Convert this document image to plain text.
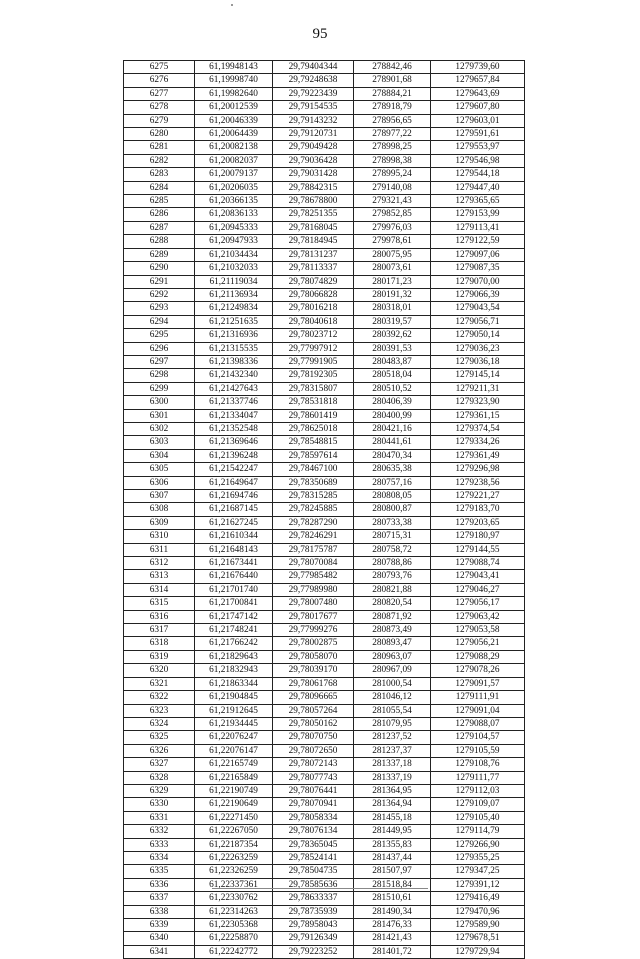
95
6275	61,19948143	29,79404344	278842,46	1279739,60
6276	61,19998740	29,79248638	278901,68	1279657,84
6277	61,19982640	29,79223439	278884,21	1279643,69
6278	61,20012539	29,79154535	278918,79	1279607,80
6279	61,20046339	29,79143232	278956,65	1279603,01
6280	61,20064439	29,79120731	278977,22	1279591,61
6281	61,20082138	29,79049428	278998,25	1279553,97
6282	61,20082037	29,79036428	278998,38	1279546,98
6283	61,20079137	29,79031428	278995,24	1279544,18
6284	61,20206035	29,78842315	279140,08	1279447,40
6285	61,20366135	29,78678800	279321,43	1279365,65
6286	61,20836133	29,78251355	279852,85	1279153,99
6287	61,20945333	29,78168045	279976,03	1279113,41
6288	61,20947933	29,78184945	279978,61	1279122,59
6289	61,21034434	29,78131237	280075,95	1279097,06
6290	61,21032033	29,78113337	280073,61	1279087,35
6291	61,21119034	29,78074829	280171,23	1279070,00
6292	61,21136934	29,78066828	280191,32	1279066,39
6293	61,21249834	29,78016218	280318,01	1279043,54
6294	61,21251635	29,78040618	280319,57	1279056,71
6295	61,21316936	29,78023712	280392,62	1279050,14
6296	61,21315535	29,77997912	280391,53	1279036,23
6297	61,21398336	29,77991905	280483,87	1279036,18
6298	61,21432340	29,78192305	280518,04	1279145,14
6299	61,21427643	29,78315807	280510,52	1279211,31
6300	61,21337746	29,78531818	280406,39	1279323,90
6301	61,21334047	29,78601419	280400,99	1279361,15
6302	61,21352548	29,78625018	280421,16	1279374,54
6303	61,21369646	29,78548815	280441,61	1279334,26
6304	61,21396248	29,78597614	280470,34	1279361,49
6305	61,21542247	29,78467100	280635,38	1279296,98
6306	61,21649647	29,78350689	280757,16	1279238,56
6307	61,21694746	29,78315285	280808,05	1279221,27
6308	61,21687145	29,78245885	280800,87	1279183,70
6309	61,21627245	29,78287290	280733,38	1279203,65
6310	61,21610344	29,78246291	280715,31	1279180,97
6311	61,21648143	29,78175787	280758,72	1279144,55
6312	61,21673441	29,78070084	280788,86	1279088,74
6313	61,21676440	29,77985482	280793,76	1279043,41
6314	61,21701740	29,77989980	280821,88	1279046,27
6315	61,21700841	29,78007480	280820,54	1279056,17
6316	61,21747142	29,78017677	280871,92	1279063,42
6317	61,21748241	29,77999276	280873,49	1279053,58
6318	61,21766242	29,78002875	280893,47	1279056,21
6319	61,21829643	29,78058070	280963,07	1279088,29
6320	61,21832943	29,78039170	280967,09	1279078,26
6321	61,21863344	29,78061768	281000,54	1279091,57
6322	61,21904845	29,78096665	281046,12	1279111,91
6323	61,21912645	29,78057264	281055,54	1279091,04
6324	61,21934445	29,78050162	281079,95	1279088,07
6325	61,22076247	29,78070750	281237,52	1279104,57
6326	61,22076147	29,78072650	281237,37	1279105,59
6327	61,22165749	29,78072143	281337,18	1279108,76
6328	61,22165849	29,78077743	281337,19	1279111,77
6329	61,22190749	29,78076441	281364,95	1279112,03
6330	61,22190649	29,78070941	281364,94	1279109,07
6331	61,22271450	29,78058334	281455,18	1279105,40
6332	61,22267050	29,78076134	281449,95	1279114,79
6333	61,22187354	29,78365045	281355,83	1279266,90
6334	61,22263259	29,78524141	281437,44	1279355,25
6335	61,22326259	29,78504735	281507,97	1279347,25
6336	61,22337361	29,78585636	281518,84	1279391,12
6337	61,22330762	29,78633337	281510,61	1279416,49
6338	61,22314263	29,78735939	281490,34	1279470,96
6339	61,22305368	29,78958043	281476,33	1279589,90
6340	61,22258870	29,79126349	281421,43	1279678,51
6341	61,22242772	29,79223252	281401,72	1279729,94
